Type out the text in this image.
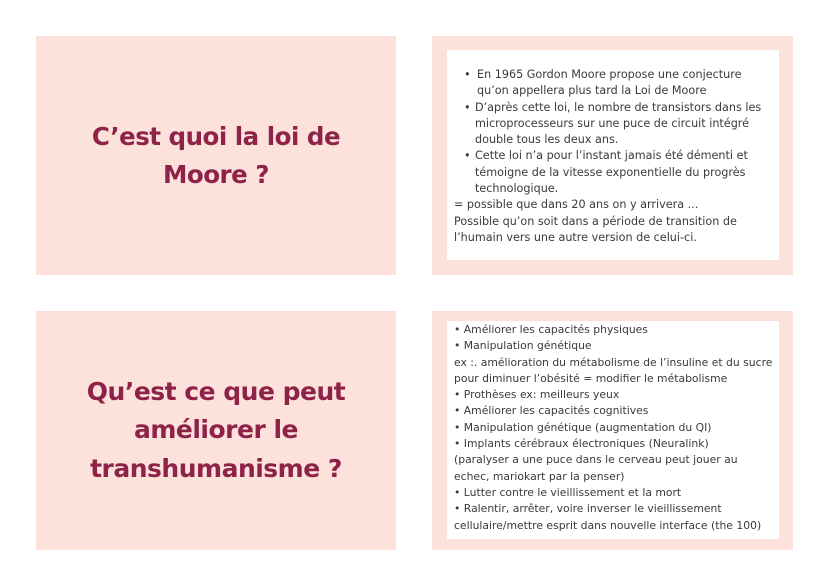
C’est quoi la loi de
Moore ?
• En 1965 Gordon Moore propose une conjecture
qu’on appellera plus tard la Loi de Moore
• D’après cette loi, le nombre de transistors dans les
microprocesseurs sur une puce de circuit intégré
double tous les deux ans.
• Cette loi n’a pour l’instant jamais été démenti et
témoigne de la vitesse exponentielle du progrès
technologique.
= possible que dans 20 ans on y arrivera ...
Possible qu’on soit dans a période de transition de
l’humain vers une autre version de celui-ci.
Qu’est ce que peut
améliorer le
transhumanisme ?
• Améliorer les capacités physiques
• Manipulation génétique
ex :. amélioration du métabolisme de l’insuline et du sucre
pour diminuer l’obésité = modifier le métabolisme
• Prothèses ex: meilleurs yeux
• Améliorer les capacités cognitives
• Manipulation génétique (augmentation du QI)
• Implants cérébraux électroniques (Neuralink)
(paralyser a une puce dans le cerveau peut jouer au
echec, mariokart par la penser)
• Lutter contre le vieillissement et la mort
• Ralentir, arrêter, voire inverser le vieillissement
cellulaire/mettre esprit dans nouvelle interface (the 100)
